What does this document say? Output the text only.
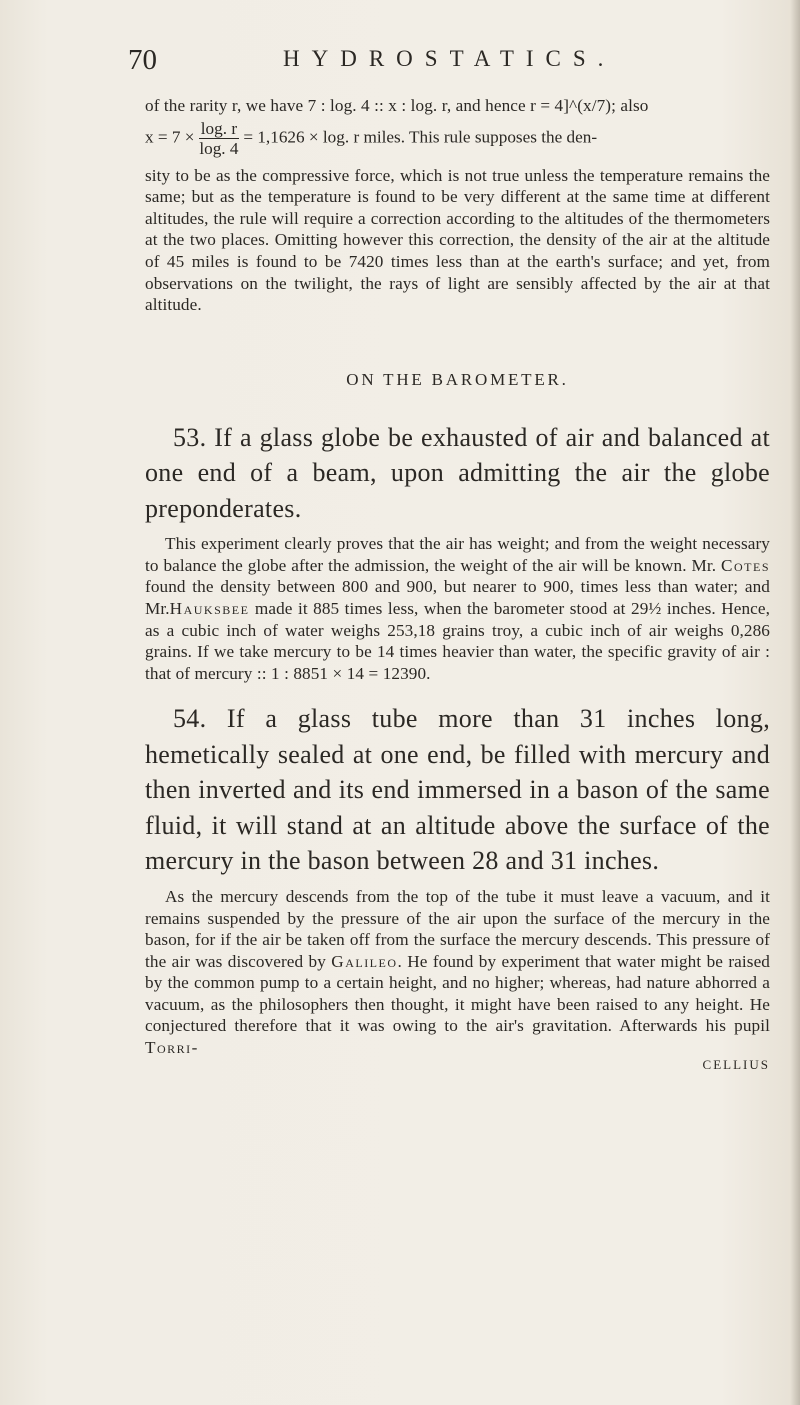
70	HYDROSTATICS.

of the rarity r, we have 7 : log. 4 :: x : log. r, and hence r = 4]^(x/7); also

$x = 7 \times \frac{\log. r}{\log. 4} = 1,1626 \times \log$. r miles. This rule supposes the den-

sity to be as the compressive force, which is not true unless the temperature remains the same; but as the temperature is found to be very different at the same time at different altitudes, the rule will require a correction according to the altitudes of the thermometers at the two places. Omitting however this correction, the density of the air at the altitude of 45 miles is found to be 7420 times less than at the earth's surface; and yet, from observations on the twilight, the rays of light are sensibly affected by the air at that altitude.

ON THE BAROMETER.

53. If a glass globe be exhausted of air and balanced at one end of a beam, upon admitting the air the globe preponderates.

This experiment clearly proves that the air has weight; and from the weight necessary to balance the globe after the admission, the weight of the air will be known. Mr. Cotes found the density between 800 and 900, but nearer to 900, times less than water; and Mr.Hauksbee made it 885 times less, when the barometer stood at 29½ inches. Hence, as a cubic inch of water weighs 253,18 grains troy, a cubic inch of air weighs 0,286 grains. If we take mercury to be 14 times heavier than water, the specific gravity of air : that of mercury :: 1 : 8851 × 14 = 12390.

54. If a glass tube more than 31 inches long, hemetically sealed at one end, be filled with mercury and then inverted and its end immersed in a bason of the same fluid, it will stand at an altitude above the surface of the mercury in the bason between 28 and 31 inches.

As the mercury descends from the top of the tube it must leave a vacuum, and it remains suspended by the pressure of the air upon the surface of the mercury in the bason, for if the air be taken off from the surface the mercury descends. This pressure of the air was discovered by Galileo. He found by experiment that water might be raised by the common pump to a certain height, and no higher; whereas, had nature abhorred a vacuum, as the philosophers then thought, it might have been raised to any height. He conjectured therefore that it was owing to the air's gravitation. Afterwards his pupil Torri-

CELLIUS
